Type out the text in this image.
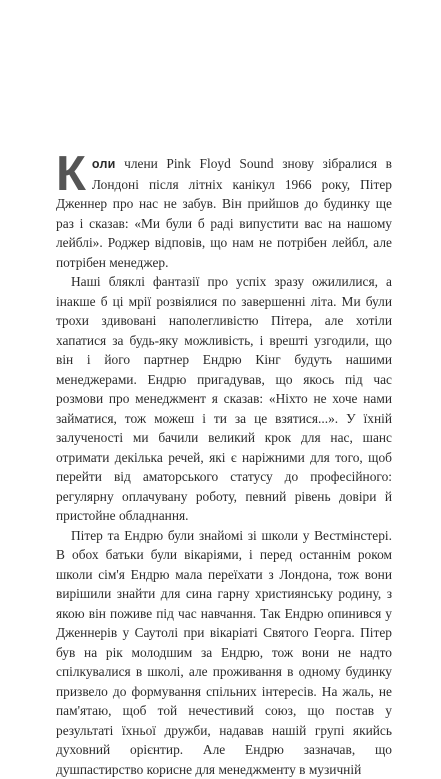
Коли члени Pink Floyd Sound знову зібралися в Лондоні після літніх канікул 1966 року, Пітер Дженнер про нас не забув. Він прийшов до будинку ще раз і сказав: «Ми були б раді випустити вас на нашому лейблі». Роджер відповів, що нам не потрібен лейбл, але потрібен менеджер.

Наші бляклі фантазії про успіх зразу ожилилися, а інакше б ці мрії розвіялися по завершенні літа. Ми були трохи здивовані наполегливістю Пітера, але хотіли хапатися за будь-яку можливість, і врешті узгодили, що він і його партнер Ендрю Кінг будуть нашими менеджерами. Ендрю пригадував, що якось під час розмови про менеджмент я сказав: «Ніхто не хоче нами займатися, тож можеш і ти за це взятися...». У їхній залученості ми бачили великий крок для нас, шанс отримати декілька речей, які є наріжними для того, щоб перейти від аматорського статусу до професійного: регулярну оплачувану роботу, певний рівень довіри й пристойне обладнання.

Пітер та Ендрю були знайомі зі школи у Вестмінстері. В обох батьки були вікаріями, і перед останнім роком школи сім'я Ендрю мала переїхати з Лондона, тож вони вирішили знайти для сина гарну християнську родину, з якою він поживе під час навчання. Так Ендрю опинився у Дженнерів у Саутолі при вікаріаті Святого Георга. Пітер був на рік молодшим за Ендрю, тож вони не надто спілкувалися в школі, але проживання в одному будинку призвело до формування спільних інтересів. На жаль, не пам'ятаю, щоб той нечестивий союз, що постав у результаті їхньої дружби, надавав нашій групі якийсь духовний орієнтир. Але Ендрю зазначав, що душпастирство корисне для менеджменту в музичній
